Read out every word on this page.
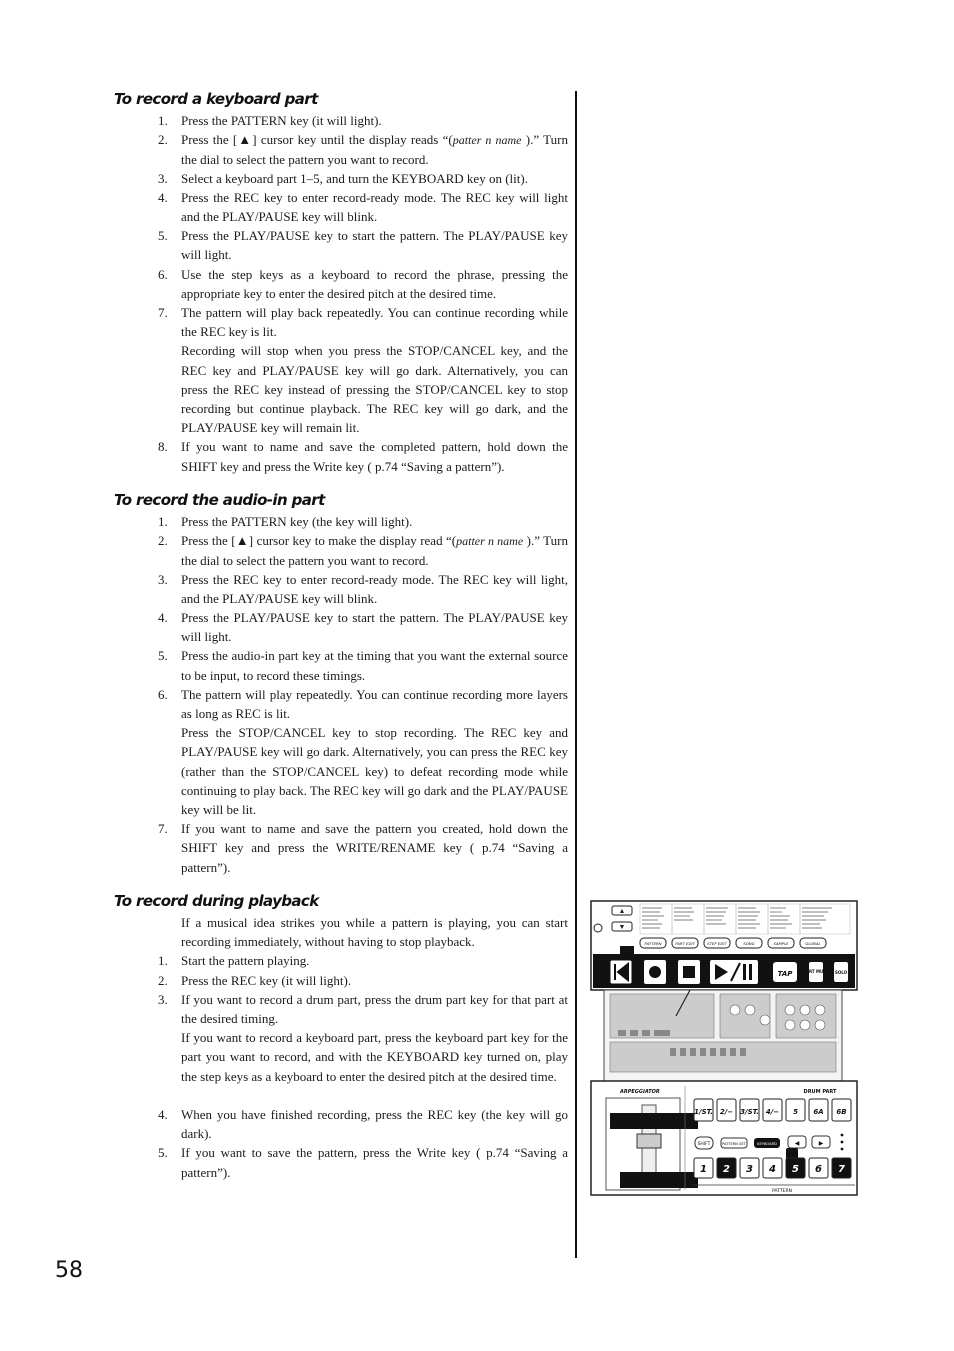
To record a keyboard part
1.	Press the PATTERN key (it will light).
2.	Press the [▲] cursor key until the display reads “(patter n name ).” Turn the dial to select the pattern you want to record.
3.	Select a keyboard part 1–5, and turn the KEYBOARD key on (lit).
4.	Press the REC key to enter record-ready mode. The REC key will light and the PLAY/PAUSE key will blink.
5.	Press the PLAY/PAUSE key to start the pattern. The PLAY/PAUSE key will light.
6.	Use the step keys as a keyboard to record the phrase, pressing the appropriate key to enter the desired pitch at the desired time.
7.	The pattern will play back repeatedly. You can continue recording while the REC key is lit.
Recording will stop when you press the STOP/CANCEL key, and the REC key and PLAY/PAUSE key will go dark. Alternatively, you can press the REC key instead of pressing the STOP/CANCEL key to stop recording but continue playback. The REC key will go dark, and the PLAY/PAUSE key will remain lit.
8.	If you want to name and save the completed pattern, hold down the SHIFT key and press the Write key ( p.74 “Saving a pattern”).
To record the audio-in part
1.	Press the PATTERN key (the key will light).
2.	Press the [▲] cursor key to make the display read “(patter n name ).” Turn the dial to select the pattern you want to record.
3.	Press the REC key to enter record-ready mode. The REC key will light, and the PLAY/PAUSE key will blink.
4.	Press the PLAY/PAUSE key to start the pattern. The PLAY/PAUSE key will light.
5.	Press the audio-in part key at the timing that you want the external source to be input, to record these timings.
6.	The pattern will play repeatedly. You can continue recording more layers as long as REC is lit.
Press the STOP/CANCEL key to stop recording. The REC key and PLAY/PAUSE key will go dark. Alternatively, you can press the REC key (rather than the STOP/CANCEL key) to defeat recording mode while continuing to play back. The REC key will go dark and the PLAY/PAUSE key will be lit.
7.	If you want to name and save the pattern you created, hold down the SHIFT key and press the WRITE/RENAME key ( p.74 “Saving a pattern”).
To record during playback
If a musical idea strikes you while a pattern is playing, you can start recording immediately, without having to stop playback.
1.	Start the pattern playing.
2.	Press the REC key (it will light).
3.	If you want to record a drum part, press the drum part key for that part at the desired timing.
If you want to record a keyboard part, press the keyboard part key for the part you want to record, and with the KEYBOARD key turned on, play the step keys as a keyboard to enter the desired pitch at the desired time.
4.	When you have finished recording, press the REC key (the key will go dark).
5.	If you want to save the pattern, press the Write key ( p.74 “Saving a pattern”).
▲
▼
PATTERN	PART EDIT	STEP EDIT	SONG	SAMPLE	GLOBAL
TAP	PART MUTE SOLO
ARPEGGIATOR	DRUM PART
1/ST. 2/− 3/ST. 4/− 5 6A 6B
SHIFT	PATTERN SET	KEYBOARD	◀	▶
1 2 3 4 5 6 7
PATTERN
58
